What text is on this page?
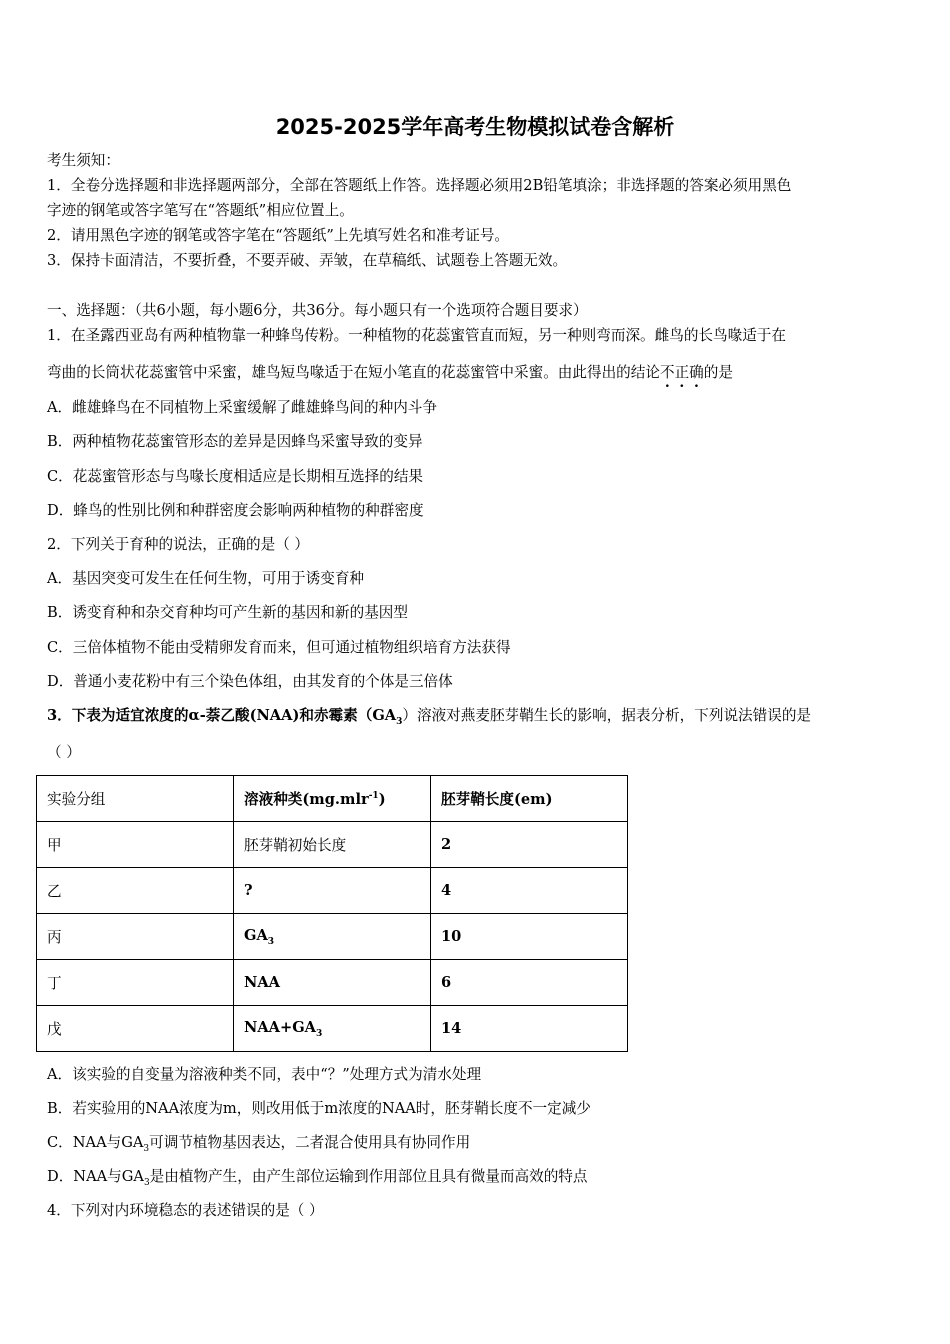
2025-2025学年高考生物模拟试卷含解析
考生须知：
1．全卷分选择题和非选择题两部分，全部在答题纸上作答。选择题必须用2B铅笔填涂；非选择题的答案必须用黑色
字迹的钢笔或答字笔写在“答题纸”相应位置上。
2．请用黑色字迹的钢笔或答字笔在“答题纸”上先填写姓名和准考证号。
3．保持卡面清洁，不要折叠，不要弄破、弄皱，在草稿纸、试题卷上答题无效。
一、选择题：（共6小题，每小题6分，共36分。每小题只有一个选项符合题目要求）
1．在圣露西亚岛有两种植物靠一种蜂鸟传粉。一种植物的花蕊蜜管直而短，另一种则弯而深。雌鸟的长鸟喙适于在
弯曲的长筒状花蕊蜜管中采蜜，雄鸟短鸟喙适于在短小笔直的花蕊蜜管中采蜜。由此得出的结论不正确的是
A．雌雄蜂鸟在不同植物上采蜜缓解了雌雄蜂鸟间的种内斗争
B．两种植物花蕊蜜管形态的差异是因蜂鸟采蜜导致的变异
C．花蕊蜜管形态与鸟喙长度相适应是长期相互选择的结果
D．蜂鸟的性别比例和种群密度会影响两种植物的种群密度
2．下列关于育种的说法，正确的是（ ）
A．基因突变可发生在任何生物，可用于诱变育种
B．诱变育种和杂交育种均可产生新的基因和新的基因型
C．三倍体植物不能由受精卵发育而来，但可通过植物组织培育方法获得
D．普通小麦花粉中有三个染色体组，由其发育的个体是三倍体
3．下表为适宜浓度的α-萘乙酸(NAA)和赤霉素$(GA_3)$溶液对燕麦胚芽鞘生长的影响，据表分析，下列说法错误的是
（ ）
实验分组	溶液种类(mg.mlr$^{-1}$)	胚芽鞘长度(em)
甲	胚芽鞘初始长度	2
乙	?	4
丙	$GA_3$	10
丁	NAA	6
戊	$NAA+GA_3$	14
A．该实验的自变量为溶液种类不同，表中“？”处理方式为清水处理
B．若实验用的NAA浓度为m，则改用低于m浓度的NAA时，胚芽鞘长度不一定减少
C．NAA与$GA_3$可调节植物基因表达，二者混合使用具有协同作用
D．NAA与$GA_3$是由植物产生，由产生部位运输到作用部位且具有微量而高效的特点
4．下列对内环境稳态的表述错误的是（ ）
